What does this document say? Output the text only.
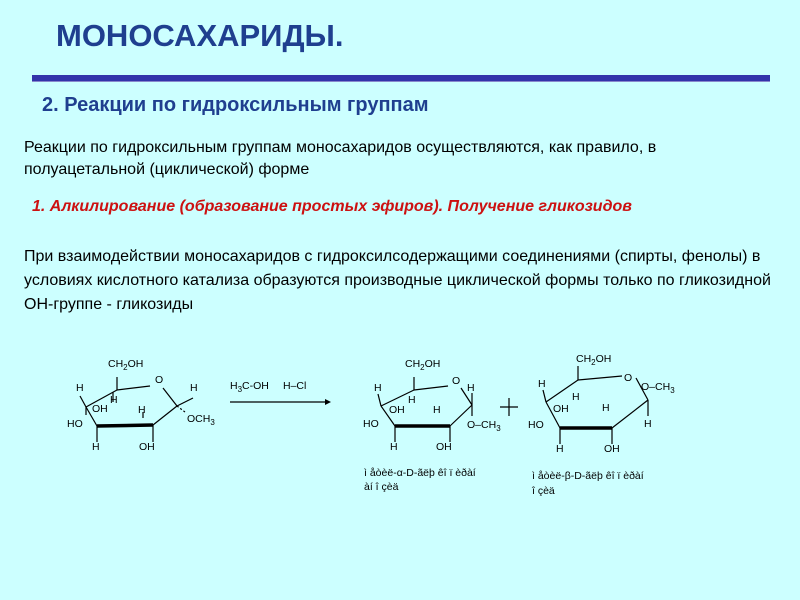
МОНОСАХАРИДЫ.
2. Реакции по гидроксильным группам
Реакции по гидроксильным группам моносахаридов осуществляются, как правило, в полуацетальной (циклической) форме
1. Алкилирование (образование простых эфиров). Получение гликозидов
При взаимодействии моносахаридов с гидроксилсодержащими соединениями (спирты, фенолы) в условиях кислотного катализа образуются производные циклической формы только по гликозидной ОН-группе - гликозиды
$CH_2OH$
O
H	H
OH
H
H
HO
H	OH
$OCH_3$
$H_3C-OH$ H–Cl
$CH_2OH$
O
H	H
OH
H
H
HO	$O-CH_3$
H	OH
$CH_2OH$
O
$O-CH_3$
H
OH
H
H
HO	H
H	OH
ì åòèë-α-D-ãëþ êî ï èðàí
àí î çèä
ì åòèë-β-D-ãëþ êî ï èðàí
î çèä
